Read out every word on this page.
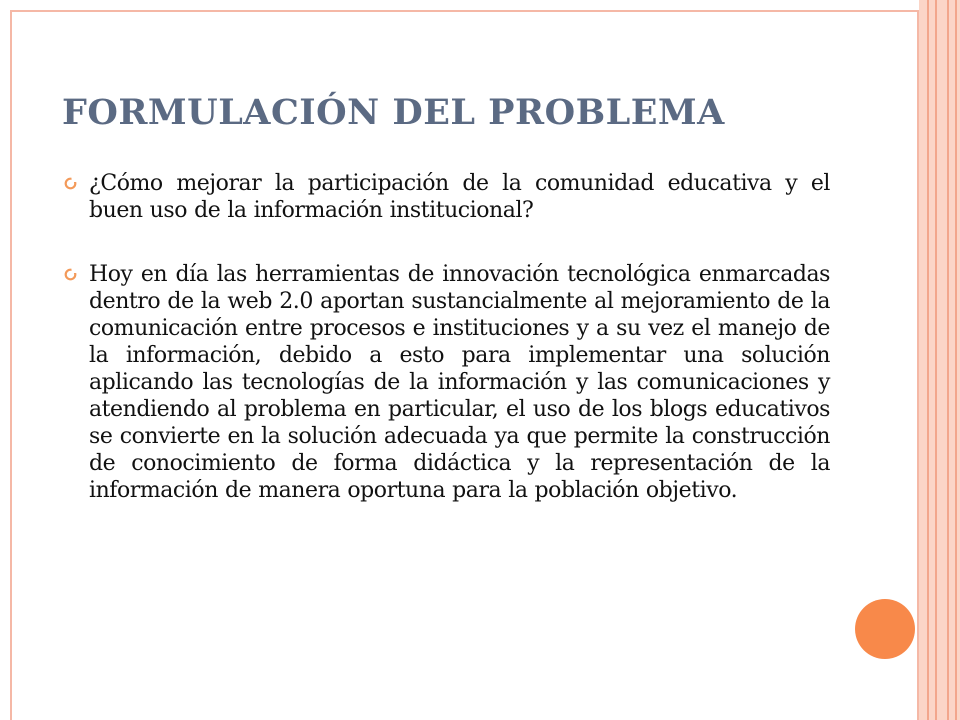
FORMULACIÓN DEL PROBLEMA
¿Cómo mejorar la participación de la comunidad educativa y el buen uso de la información institucional?
Hoy en día las herramientas de innovación tecnológica enmarcadas dentro de la web 2.0 aportan sustancialmente al mejoramiento de la comunicación entre procesos e instituciones y a su vez el manejo de la información, debido a esto para implementar una solución aplicando las tecnologías de la información y las comunicaciones y atendiendo al problema en particular, el uso de los blogs educativos se convierte en la solución adecuada ya que permite la construcción de conocimiento de forma didáctica y la representación de la información de manera oportuna para la población objetivo.
